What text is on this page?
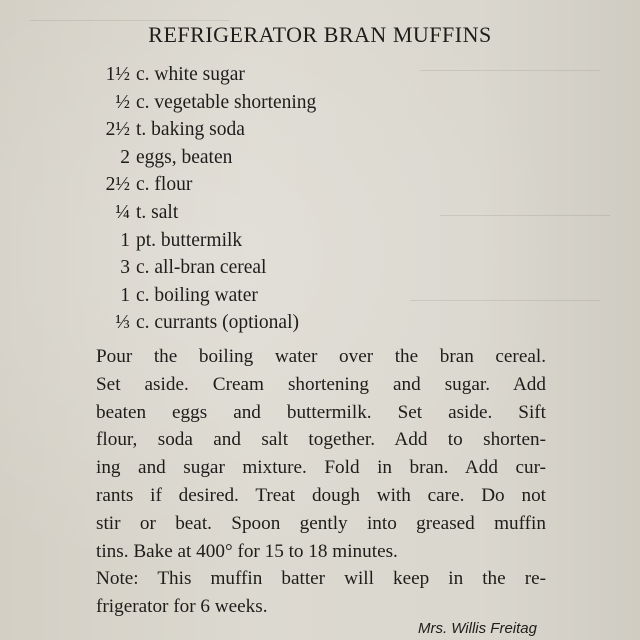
REFRIGERATOR BRAN MUFFINS
1½ c. white sugar
½ c. vegetable shortening
2½ t. baking soda
2 eggs, beaten
2½ c. flour
¼ t. salt
1 pt. buttermilk
3 c. all-bran cereal
1 c. boiling water
⅓ c. currants (optional)

Pour the boiling water over the bran cereal.
Set aside. Cream shortening and sugar. Add
beaten eggs and buttermilk. Set aside. Sift
flour, soda and salt together. Add to shorten-
ing and sugar mixture. Fold in bran. Add cur-
rants if desired. Treat dough with care. Do not
stir or beat. Spoon gently into greased muffin
tins. Bake at 400° for 15 to 18 minutes.

Note: This muffin batter will keep in the re-
frigerator for 6 weeks.

Mrs. Willis Freitag
